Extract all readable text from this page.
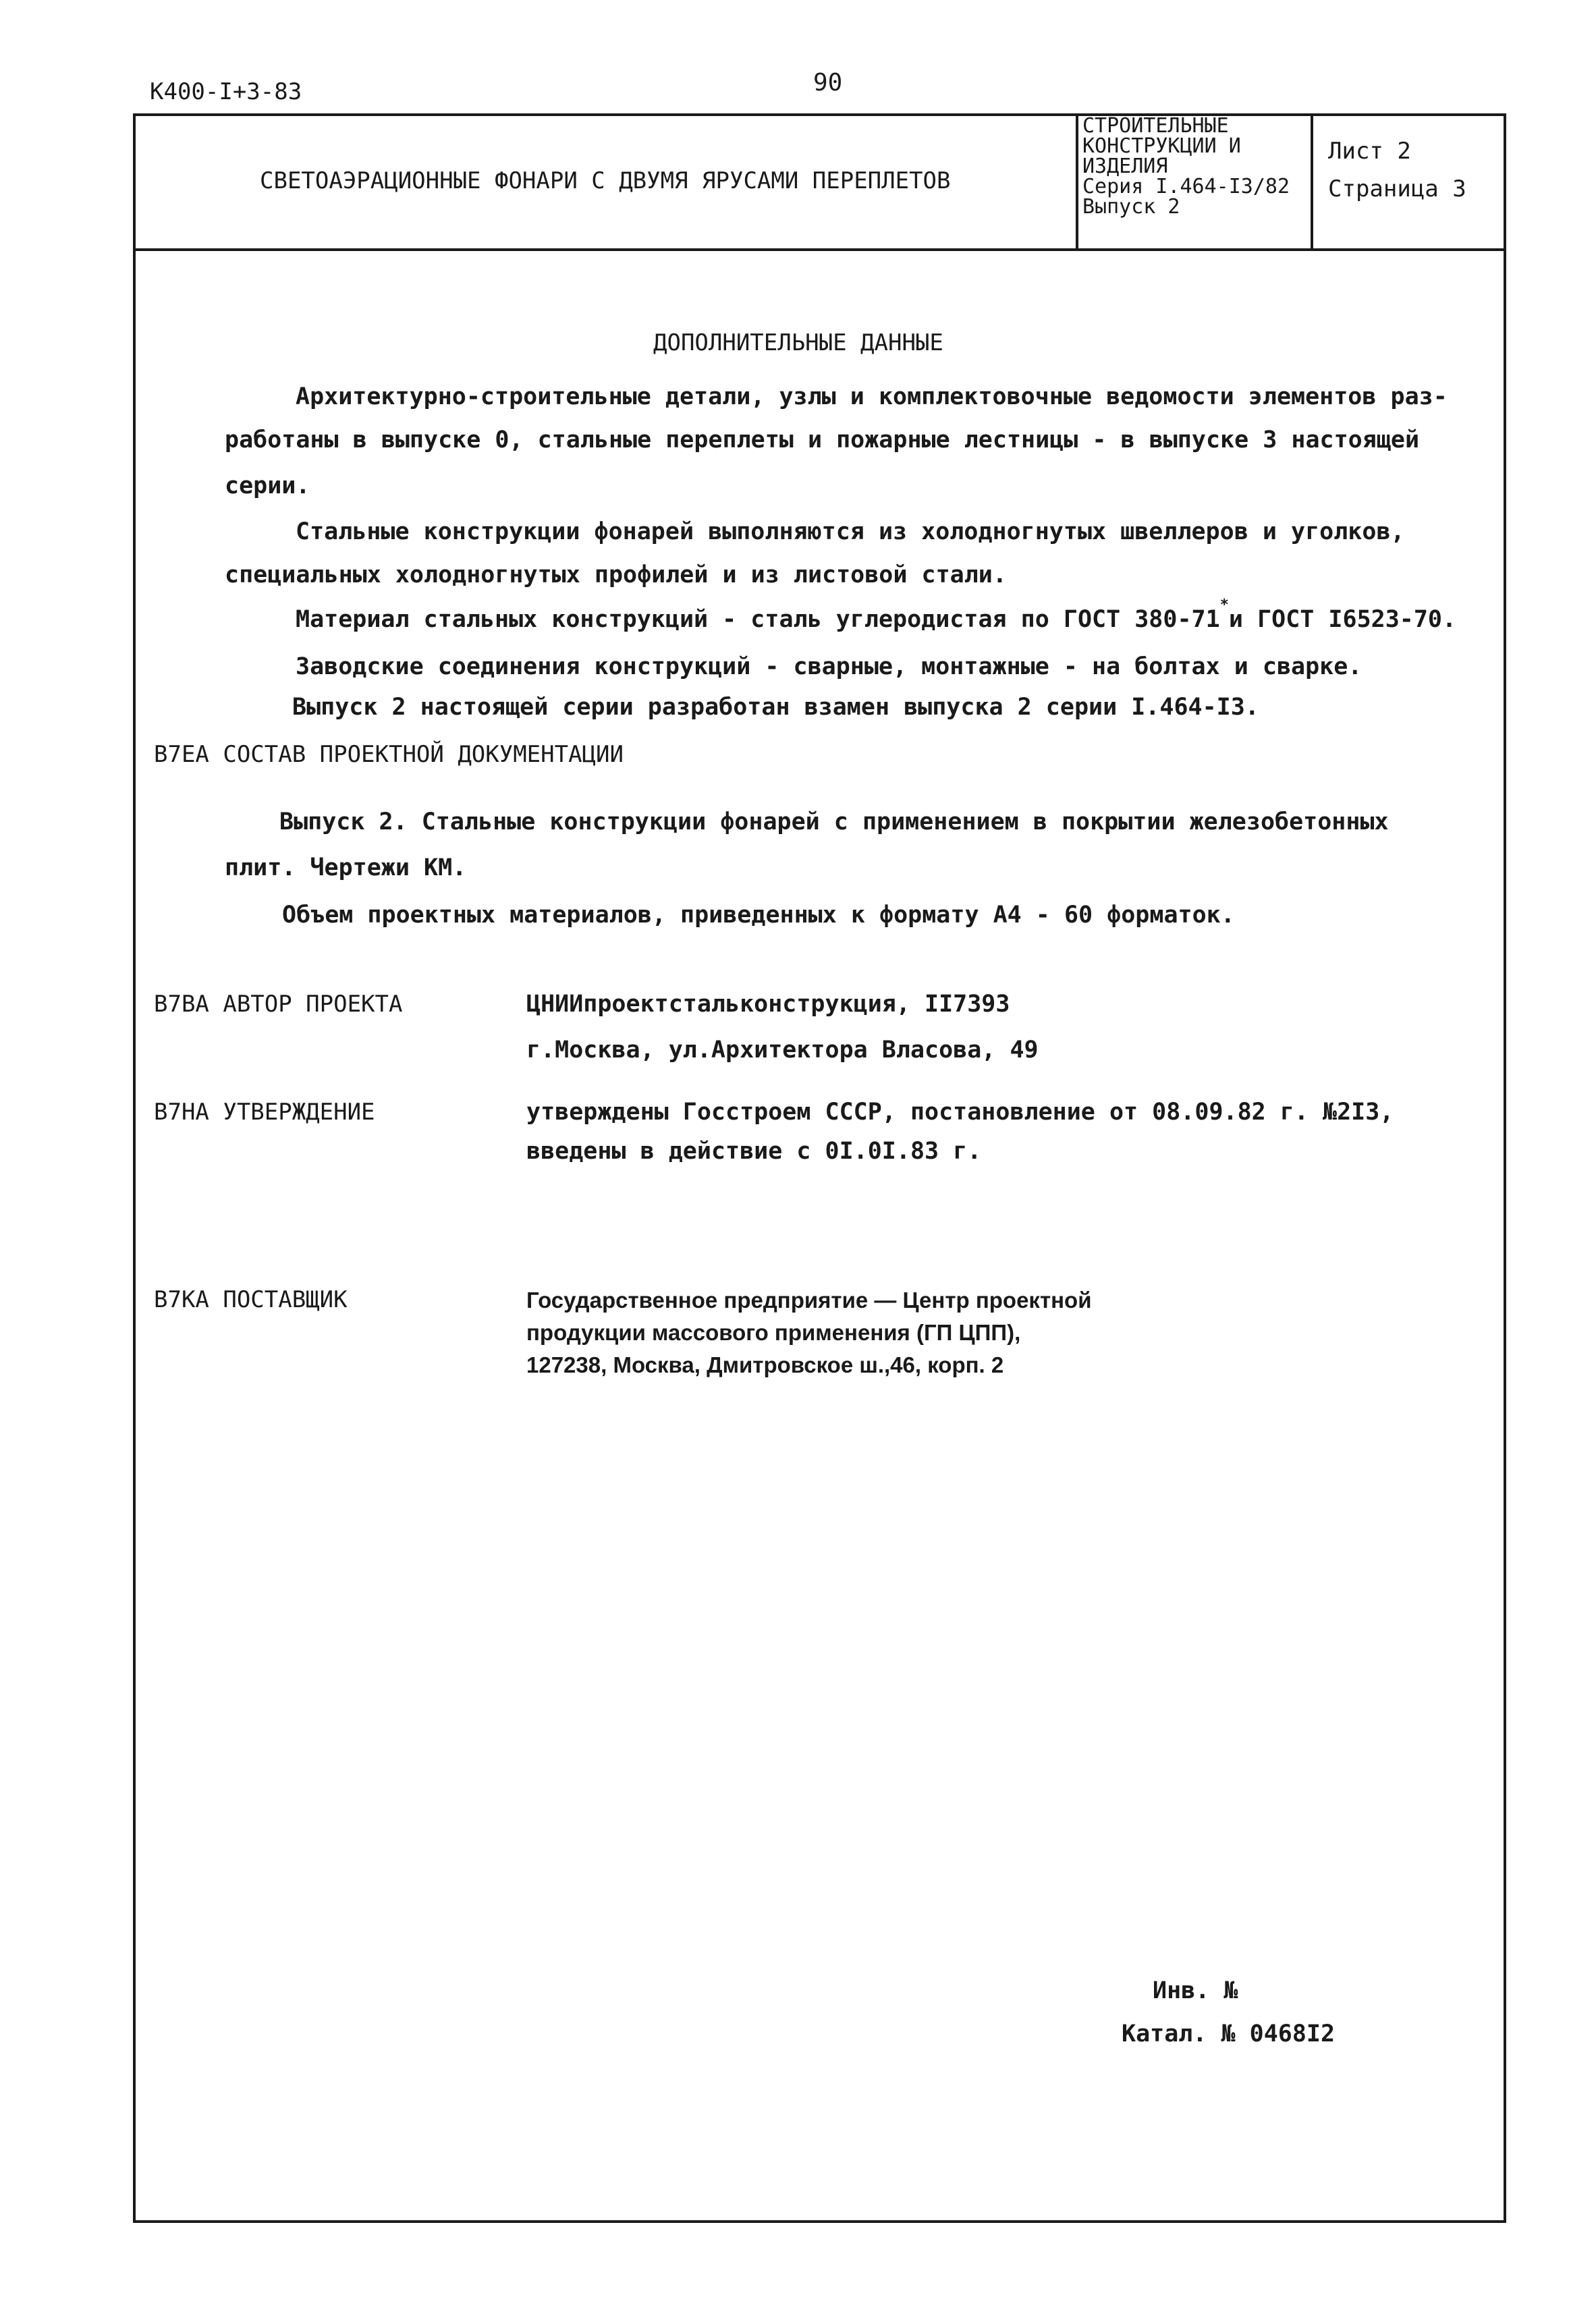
К400-I+3-83	90
СВЕТОАЭРАЦИОННЫЕ ФОНАРИ С ДВУМЯ ЯРУСАМИ ПЕРЕПЛЕТОВ
СТРОИТЕЛЬНЫЕ
КОНСТРУКЦИИ И
ИЗДЕЛИЯ
Серия I.464-I3/82
Выпуск 2
Лист 2
Страница 3
ДОПОЛНИТЕЛЬНЫЕ ДАННЫЕ
Архитектурно-строительные детали, узлы и комплектовочные ведомости элементов раз-
работаны в выпуске 0, стальные переплеты и пожарные лестницы - в выпуске 3 настоящей
серии.
Стальные конструкции фонарей выполняются из холодногнутых швеллеров и уголков,
специальных холодногнутых профилей и из листовой стали.
Материал стальных конструкций - сталь углеродистая по ГОСТ 380-71*и ГОСТ I6523-70.
Заводские соединения конструкций - сварные, монтажные - на болтах и сварке.
Выпуск 2 настоящей серии разработан взамен выпуска 2 серии I.464-I3.
В7ЕА СОСТАВ ПРОЕКТНОЙ ДОКУМЕНТАЦИИ
Выпуск 2. Стальные конструкции фонарей с применением в покрытии железобетонных
плит. Чертежи КМ.
Объем проектных материалов, приведенных к формату А4 - 60 форматок.
В7ВА АВТОР ПРОЕКТА	ЦНИИпроектстальконструкция, II7393
г.Москва, ул.Архитектора Власова, 49
В7НА УТВЕРЖДЕНИЕ	утверждены Госстроем СССР, постановление от 08.09.82 г. №2I3,
введены в действие с 0I.0I.83 г.
В7КА ПОСТАВЩИК	Государственное предприятие — Центр проектной
продукции массового применения (ГП ЦПП),
127238, Москва, Дмитровское ш.,46, корп. 2
Инв. №
Катал. № 0468I2
